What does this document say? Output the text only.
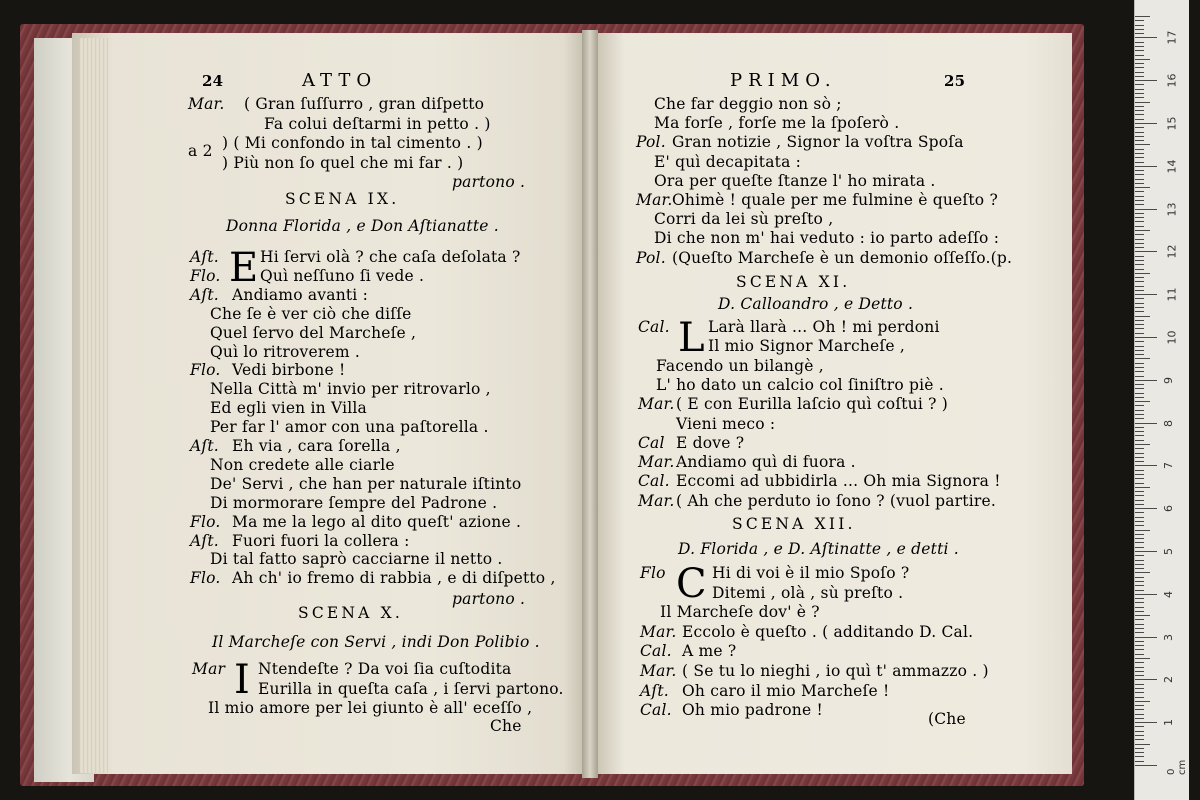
24	ATTO
Mar. ( Gran ſuſſurro , gran diſpetto
Fa colui deſtarmi in petto . )
) ( Mi confondo in tal cimento . )
a 2
) Più non ſo quel che mi far . )
partono .
SCENA IX.
Donna Florida , e Don Aſtianatte .
E
Aſt.	Hi ſervi olà ? che caſa deſolata ?
Flo.	Quì neſſuno ſi vede .
Aſt. Andiamo avanti :
Che ſe è ver ciò che diſſe
Quel ſervo del Marcheſe ,
Quì lo ritroverem .
Flo. Vedi birbone !
Nella Città m' invio per ritrovarlo ,
Ed egli vien in Villa
Per far l' amor con una paſtorella .
Aſt. Eh via , cara ſorella ,
Non credete alle ciarle
De' Servi , che han per naturale iſtinto
Di mormorare ſempre del Padrone .
Flo. Ma me la lego al dito queſt' azione .
Aſt. Fuori fuori la collera :
Di tal fatto saprò cacciarne il netto .
Flo. Ah ch' io fremo di rabbia , e di diſpetto ,
partono .
SCENA X.
Il Marcheſe con Servi , indi Don Polibio .
I
Mar Ntendeſte ? Da voi ſia cuſtodita
Eurilla in queſta caſa , i ſervi partono.
Il mio amore per lei giunto è all' eceſſo ,
Che
PRIMO.	25
Che far deggio non sò ;
Ma forſe , forſe me la ſpoſerò .
Pol. Gran notizie , Signor la voſtra Spoſa
E' quì decapitata :
Ora per queſte ſtanze l' ho mirata .
Mar. Ohimè ! quale per me fulmine è queſto ?
Corri da lei sù preſto ,
Di che non m' hai veduto : io parto adeſſo :
Pol. (Queſto Marcheſe è un demonio oſſeſſo.(p.
SCENA XI.
D. Calloandro , e Detto .
L
Cal. Larà llarà ... Oh ! mi perdoni
Il mio Signor Marcheſe ,
Facendo un bilangè ,
L' ho dato un calcio col ſiniſtro piè .
Mar. ( E con Eurilla laſcio quì coſtui ? )
Vieni meco :
Cal E dove ?
Mar. Andiamo quì di fuora .
Cal. Eccomi ad ubbidirla ... Oh mia Signora !
Mar. ( Ah che perduto io ſono ? (vuol partire.
SCENA XII.
D. Florida , e D. Aſtinatte , e detti .
C
Flo	Hi di voi è il mio Spoſo ?
Ditemi , olà , sù preſto .
Il Marcheſe dov' è ?
Mar. Eccolo è queſto . ( additando D. Cal.
Cal. A me ?
Mar. ( Se tu lo nieghi , io quì t' ammazzo . )
Aſt. Oh caro il mio Marcheſe !
Cal. Oh mio padrone !	(Che
17
16
15
14
13
12
11
10
9
8
7
6
5
4
3
2
1
0 cm
